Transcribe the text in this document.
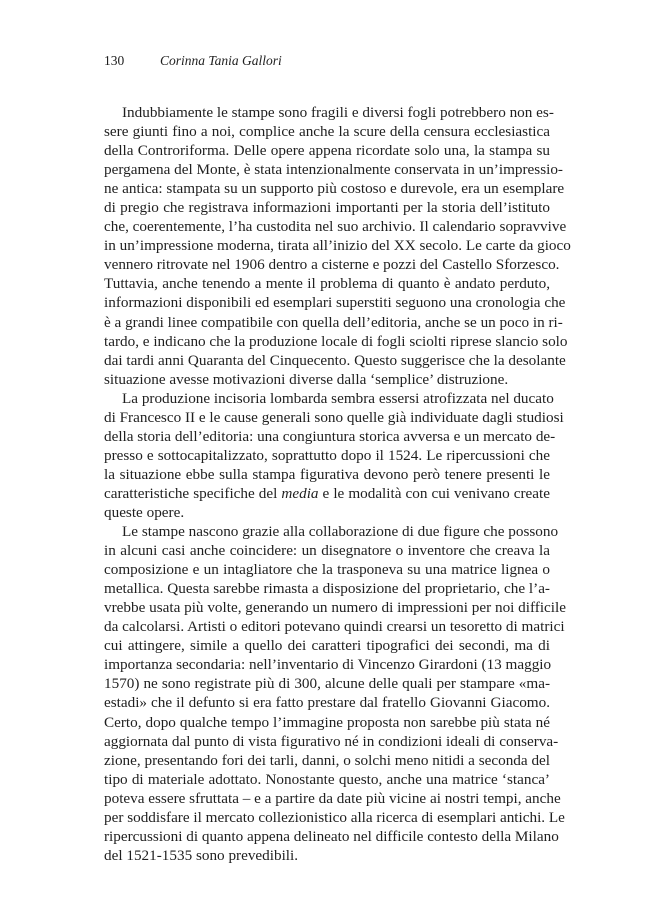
130	Corinna Tania Gallori

Indubbiamente le stampe sono fragili e diversi fogli potrebbero non es-
sere giunti fino a noi, complice anche la scure della censura ecclesiastica
della Controriforma. Delle opere appena ricordate solo una, la stampa su
pergamena del Monte, è stata intenzionalmente conservata in un’impressio-
ne antica: stampata su un supporto più costoso e durevole, era un esemplare
di pregio che registrava informazioni importanti per la storia dell’istituto
che, coerentemente, l’ha custodita nel suo archivio. Il calendario sopravvive
in un’impressione moderna, tirata all’inizio del XX secolo. Le carte da gioco
vennero ritrovate nel 1906 dentro a cisterne e pozzi del Castello Sforzesco.
Tuttavia, anche tenendo a mente il problema di quanto è andato perduto,
informazioni disponibili ed esemplari superstiti seguono una cronologia che
è a grandi linee compatibile con quella dell’editoria, anche se un poco in ri-
tardo, e indicano che la produzione locale di fogli sciolti riprese slancio solo
dai tardi anni Quaranta del Cinquecento. Questo suggerisce che la desolante
situazione avesse motivazioni diverse dalla ‘semplice’ distruzione.

La produzione incisoria lombarda sembra essersi atrofizzata nel ducato
di Francesco II e le cause generali sono quelle già individuate dagli studiosi
della storia dell’editoria: una congiuntura storica avversa e un mercato de-
presso e sottocapitalizzato, soprattutto dopo il 1524. Le ripercussioni che
la situazione ebbe sulla stampa figurativa devono però tenere presenti le
caratteristiche specifiche del media e le modalità con cui venivano create
queste opere.

Le stampe nascono grazie alla collaborazione di due figure che possono
in alcuni casi anche coincidere: un disegnatore o inventore che creava la
composizione e un intagliatore che la trasponeva su una matrice lignea o
metallica. Questa sarebbe rimasta a disposizione del proprietario, che l’a-
vrebbe usata più volte, generando un numero di impressioni per noi difficile
da calcolarsi. Artisti o editori potevano quindi crearsi un tesoretto di matrici
cui attingere, simile a quello dei caratteri tipografici dei secondi, ma di
importanza secondaria: nell’inventario di Vincenzo Girardoni (13 maggio
1570) ne sono registrate più di 300, alcune delle quali per stampare «ma-
estadi» che il defunto si era fatto prestare dal fratello Giovanni Giacomo.
Certo, dopo qualche tempo l’immagine proposta non sarebbe più stata né
aggiornata dal punto di vista figurativo né in condizioni ideali di conserva-
zione, presentando fori dei tarli, danni, o solchi meno nitidi a seconda del
tipo di materiale adottato. Nonostante questo, anche una matrice ‘stanca’
poteva essere sfruttata – e a partire da date più vicine ai nostri tempi, anche
per soddisfare il mercato collezionistico alla ricerca di esemplari antichi. Le
ripercussioni di quanto appena delineato nel difficile contesto della Milano
del 1521-1535 sono prevedibili.
